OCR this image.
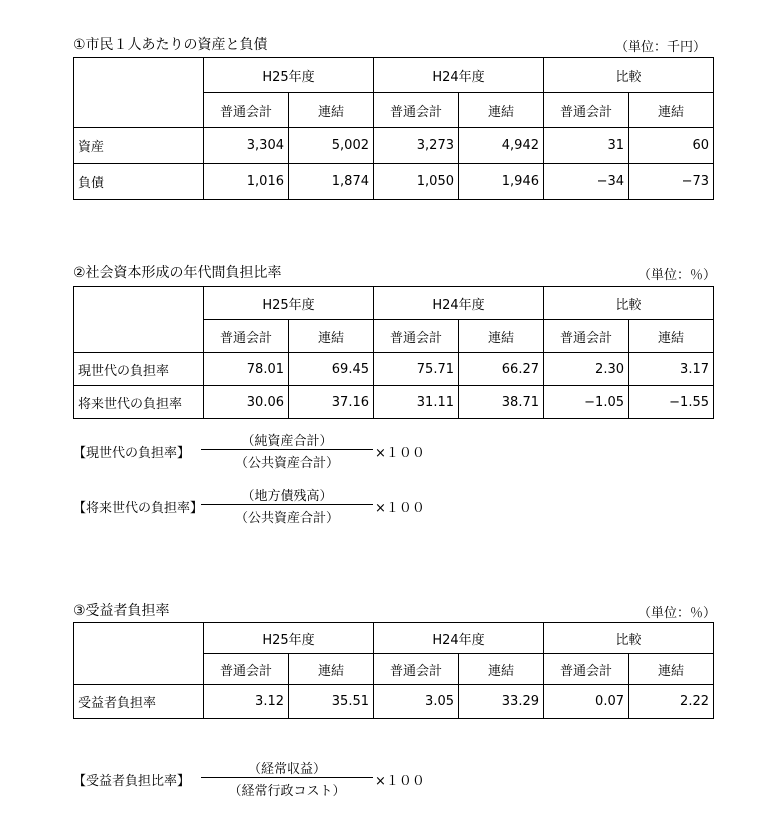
①市民１人あたりの資産と負債	（単位：千円）
	H25年度		H24年度		比較	
	普通会計	連結	普通会計	連結	普通会計	連結
資産	3,304	5,002	3,273	4,942	31	60
負債	1,016	1,874	1,050	1,946	−34	−73
②社会資本形成の年代間負担比率	（単位：％）
	H25年度		H24年度		比較	
	普通会計	連結	普通会計	連結	普通会計	連結
現世代の負担率	78.01	69.45	75.71	66.27	2.30	3.17
将来世代の負担率	30.06	37.16	31.11	38.71	−1.05	−1.55
【現世代の負担率】
（純資産合計）
（公共資産合計）
×１００
【将来世代の負担率】
（地方債残高）
（公共資産合計）
×１００
③受益者負担率	（単位：％）
	H25年度		H24年度		比較	
	普通会計	連結	普通会計	連結	普通会計	連結
受益者負担率	3.12	35.51	3.05	33.29	0.07	2.22
【受益者負担比率】
（経常収益）
（経常行政コスト）
×１００
